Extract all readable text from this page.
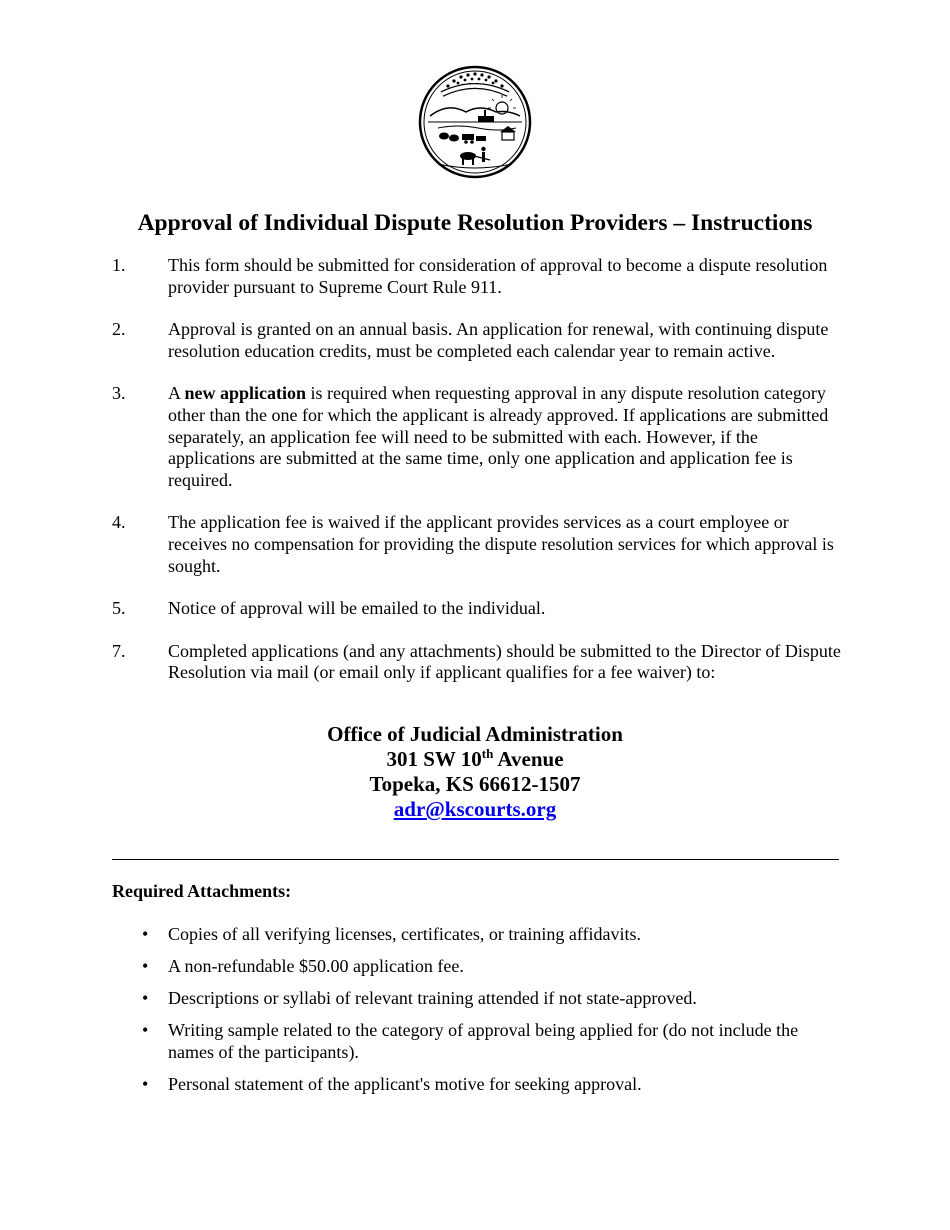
Approval of Individual Dispute Resolution Providers – Instructions
1. This form should be submitted for consideration of approval to become a dispute resolution provider pursuant to Supreme Court Rule 911.
2. Approval is granted on an annual basis. An application for renewal, with continuing dispute resolution education credits, must be completed each calendar year to remain active.
3. A new application is required when requesting approval in any dispute resolution category other than the one for which the applicant is already approved. If applications are submitted separately, an application fee will need to be submitted with each. However, if the applications are submitted at the same time, only one application and application fee is required.
4. The application fee is waived if the applicant provides services as a court employee or receives no compensation for providing the dispute resolution services for which approval is sought.
5. Notice of approval will be emailed to the individual.
7. Completed applications (and any attachments) should be submitted to the Director of Dispute Resolution via mail (or email only if applicant qualifies for a fee waiver) to:
Office of Judicial Administration
301 SW 10th Avenue
Topeka, KS 66612-1507
adr@kscourts.org
Required Attachments:
• Copies of all verifying licenses, certificates, or training affidavits.
• A non-refundable $50.00 application fee.
• Descriptions or syllabi of relevant training attended if not state-approved.
• Writing sample related to the category of approval being applied for (do not include the names of the participants).
• Personal statement of the applicant's motive for seeking approval.
